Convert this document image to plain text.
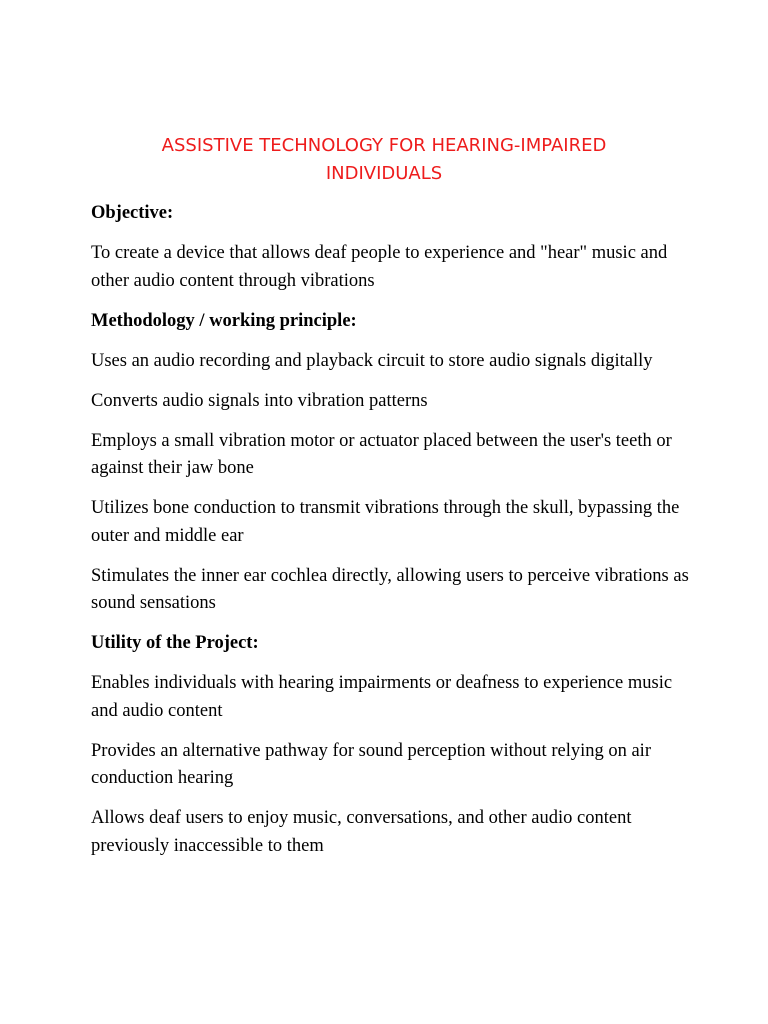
ASSISTIVE TECHNOLOGY FOR HEARING-IMPAIRED
INDIVIDUALS

Objective:

To create a device that allows deaf people to experience and "hear" music and other audio content through vibrations

Methodology / working principle:

Uses an audio recording and playback circuit to store audio signals digitally

Converts audio signals into vibration patterns

Employs a small vibration motor or actuator placed between the user's teeth or against their jaw bone

Utilizes bone conduction to transmit vibrations through the skull, bypassing the outer and middle ear

Stimulates the inner ear cochlea directly, allowing users to perceive vibrations as sound sensations

Utility of the Project:

Enables individuals with hearing impairments or deafness to experience music and audio content

Provides an alternative pathway for sound perception without relying on air conduction hearing

Allows deaf users to enjoy music, conversations, and other audio content previously inaccessible to them
